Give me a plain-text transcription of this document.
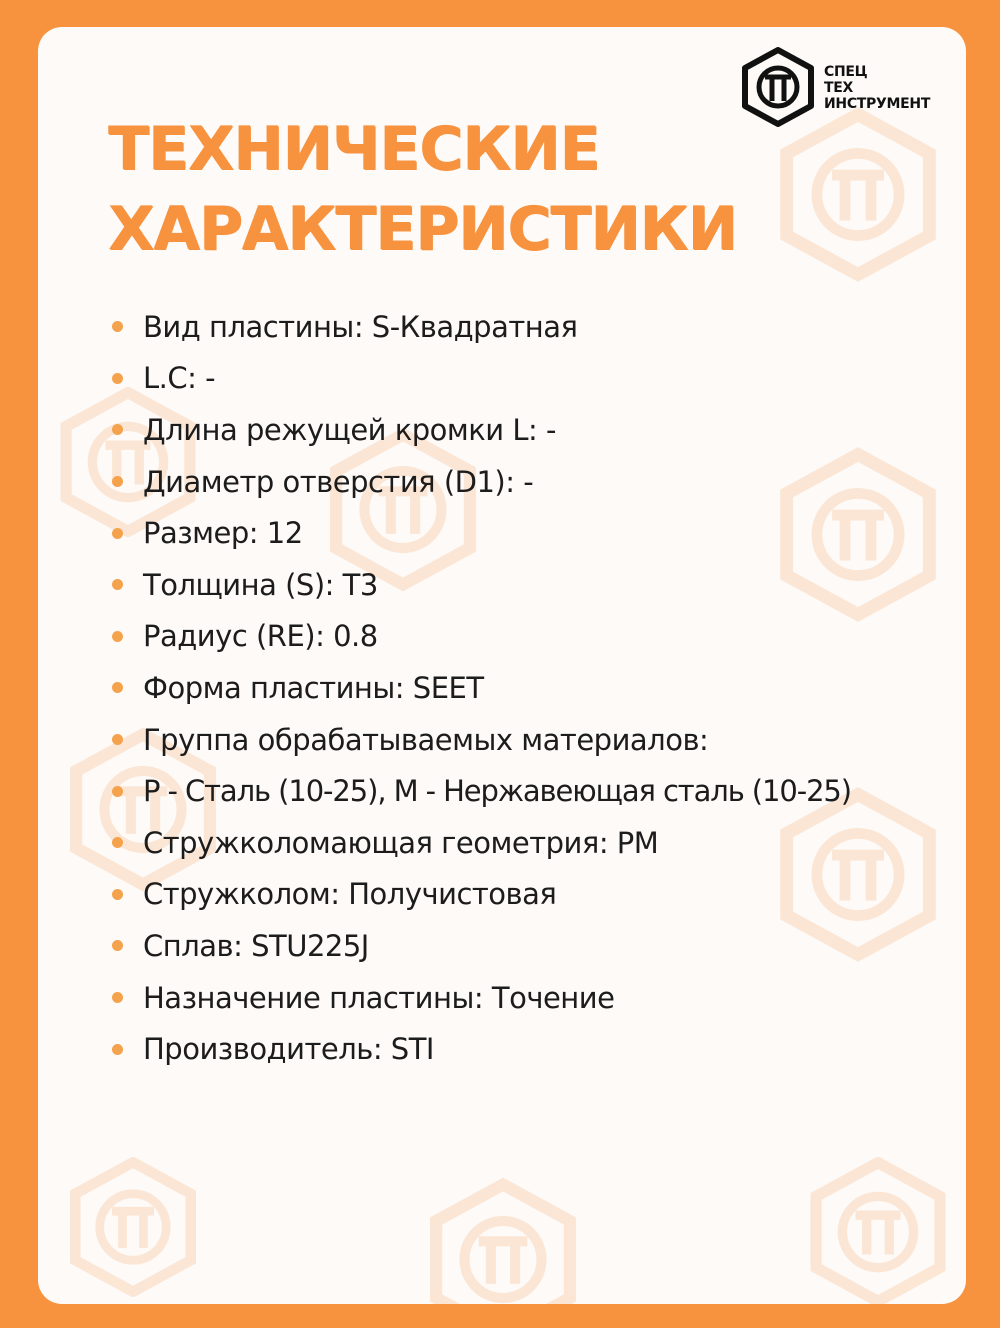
СПЕЦ
ТЕХ
ИНСТРУМЕНТ
ТЕХНИЧЕСКИЕ
ХАРАКТЕРИСТИКИ
Вид пластины: S-Квадратная
L.C: -
Длина режущей кромки L: -
Диаметр отверстия (D1): -
Размер: 12
Толщина (S): T3
Радиус (RE): 0.8
Форма пластины: SEET
Группа обрабатываемых материалов:
P - Сталь (10-25), M - Нержавеющая сталь (10-25)
Стружколомающая геометрия: PM
Стружколом: Получистовая
Сплав: STU225J
Назначение пластины: Точение
Производитель: STI
